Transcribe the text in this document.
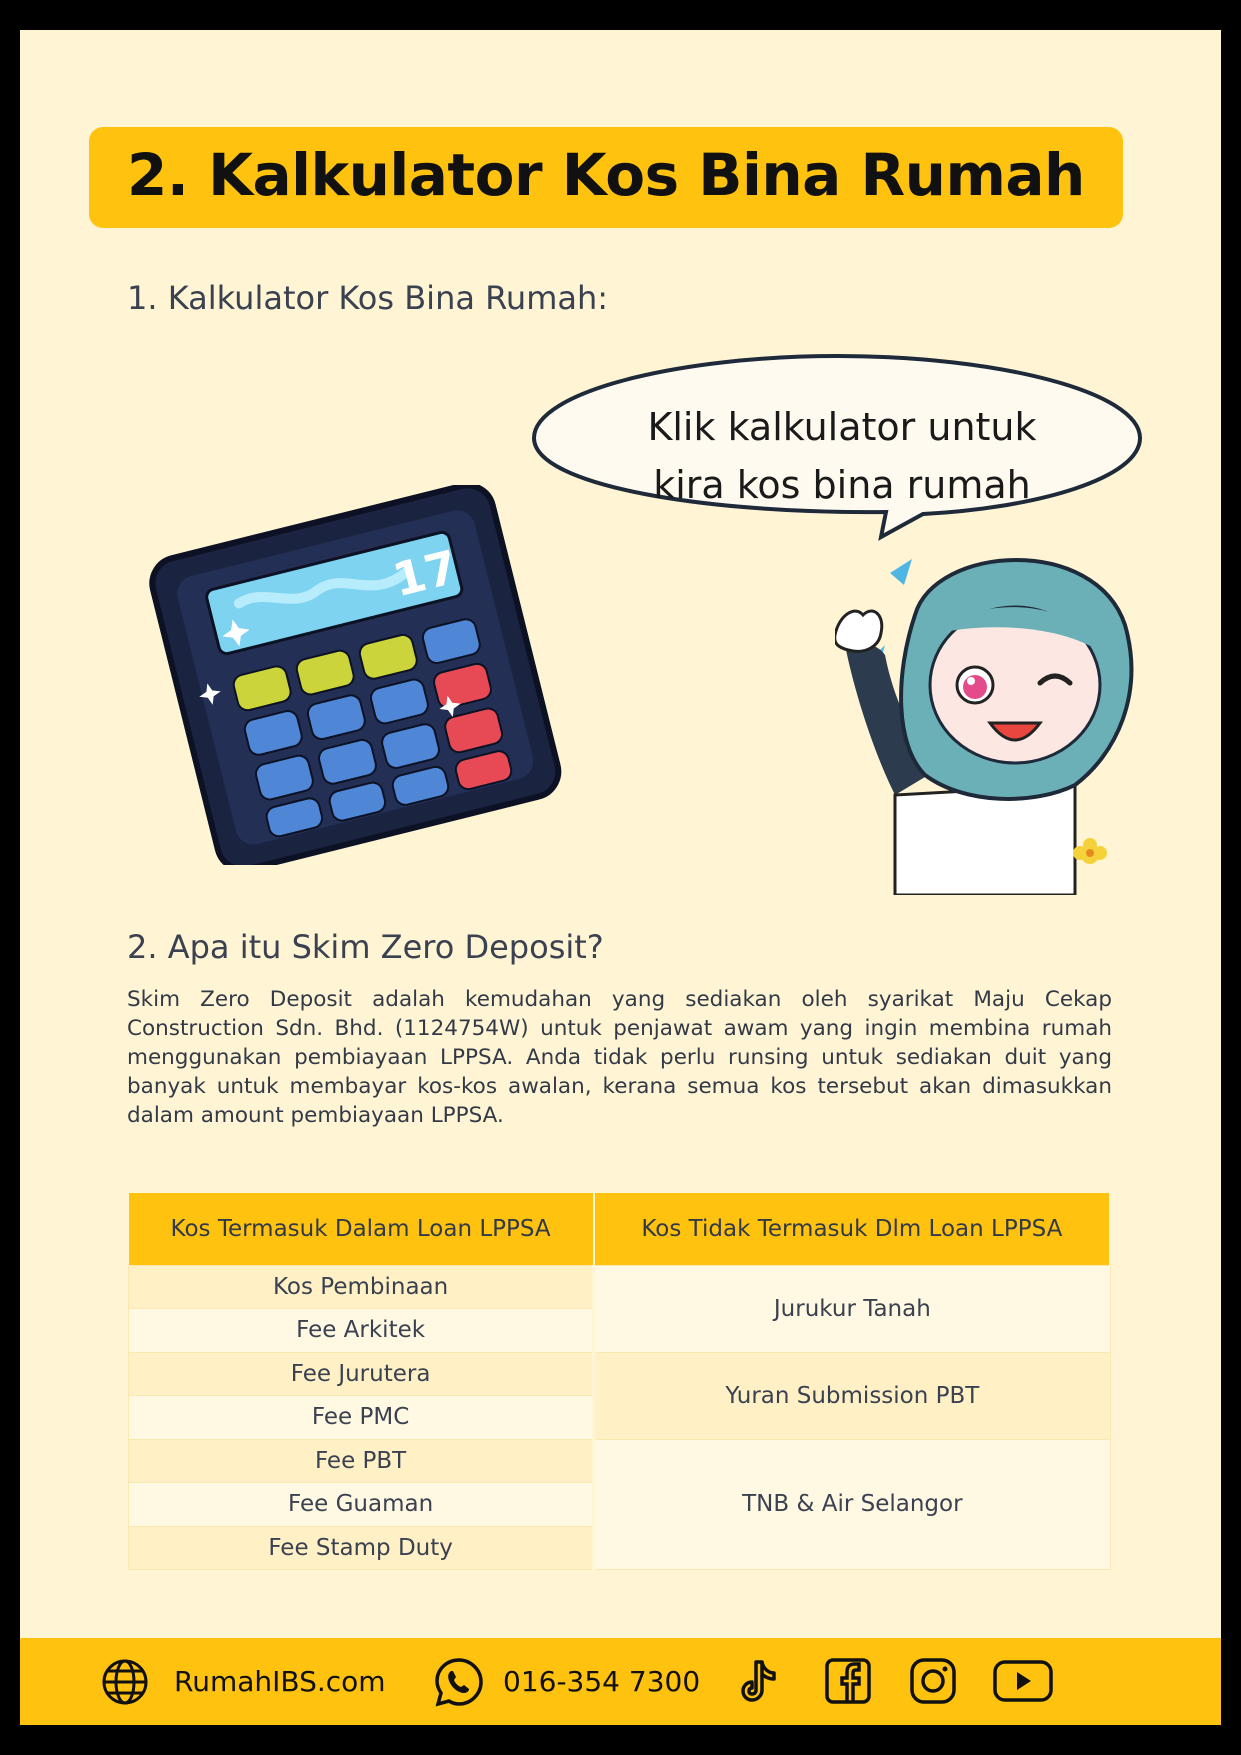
2. Kalkulator Kos Bina Rumah
1. Kalkulator Kos Bina Rumah:
Klik kalkulator untuk
kira kos bina rumah
17
2. Apa itu Skim Zero Deposit?

Skim Zero Deposit adalah kemudahan yang sediakan oleh syarikat Maju Cekap Construction Sdn. Bhd. (1124754W) untuk penjawat awam yang ingin membina rumah menggunakan pembiayaan LPPSA. Anda tidak perlu runsing untuk sediakan duit yang banyak untuk membayar kos-kos awalan, kerana semua kos tersebut akan dimasukkan dalam amount pembiayaan LPPSA.

Kos Termasuk Dalam Loan LPPSA	Kos Tidak Termasuk Dlm Loan LPPSA
Kos Pembinaan	Jurukur Tanah
Fee Arkitek	
Fee Jurutera	Yuran Submission PBT
Fee PMC	
Fee PBT	TNB & Air Selangor
Fee Guaman	
Fee Stamp Duty	
RumahIBS.com	016-354 7300
